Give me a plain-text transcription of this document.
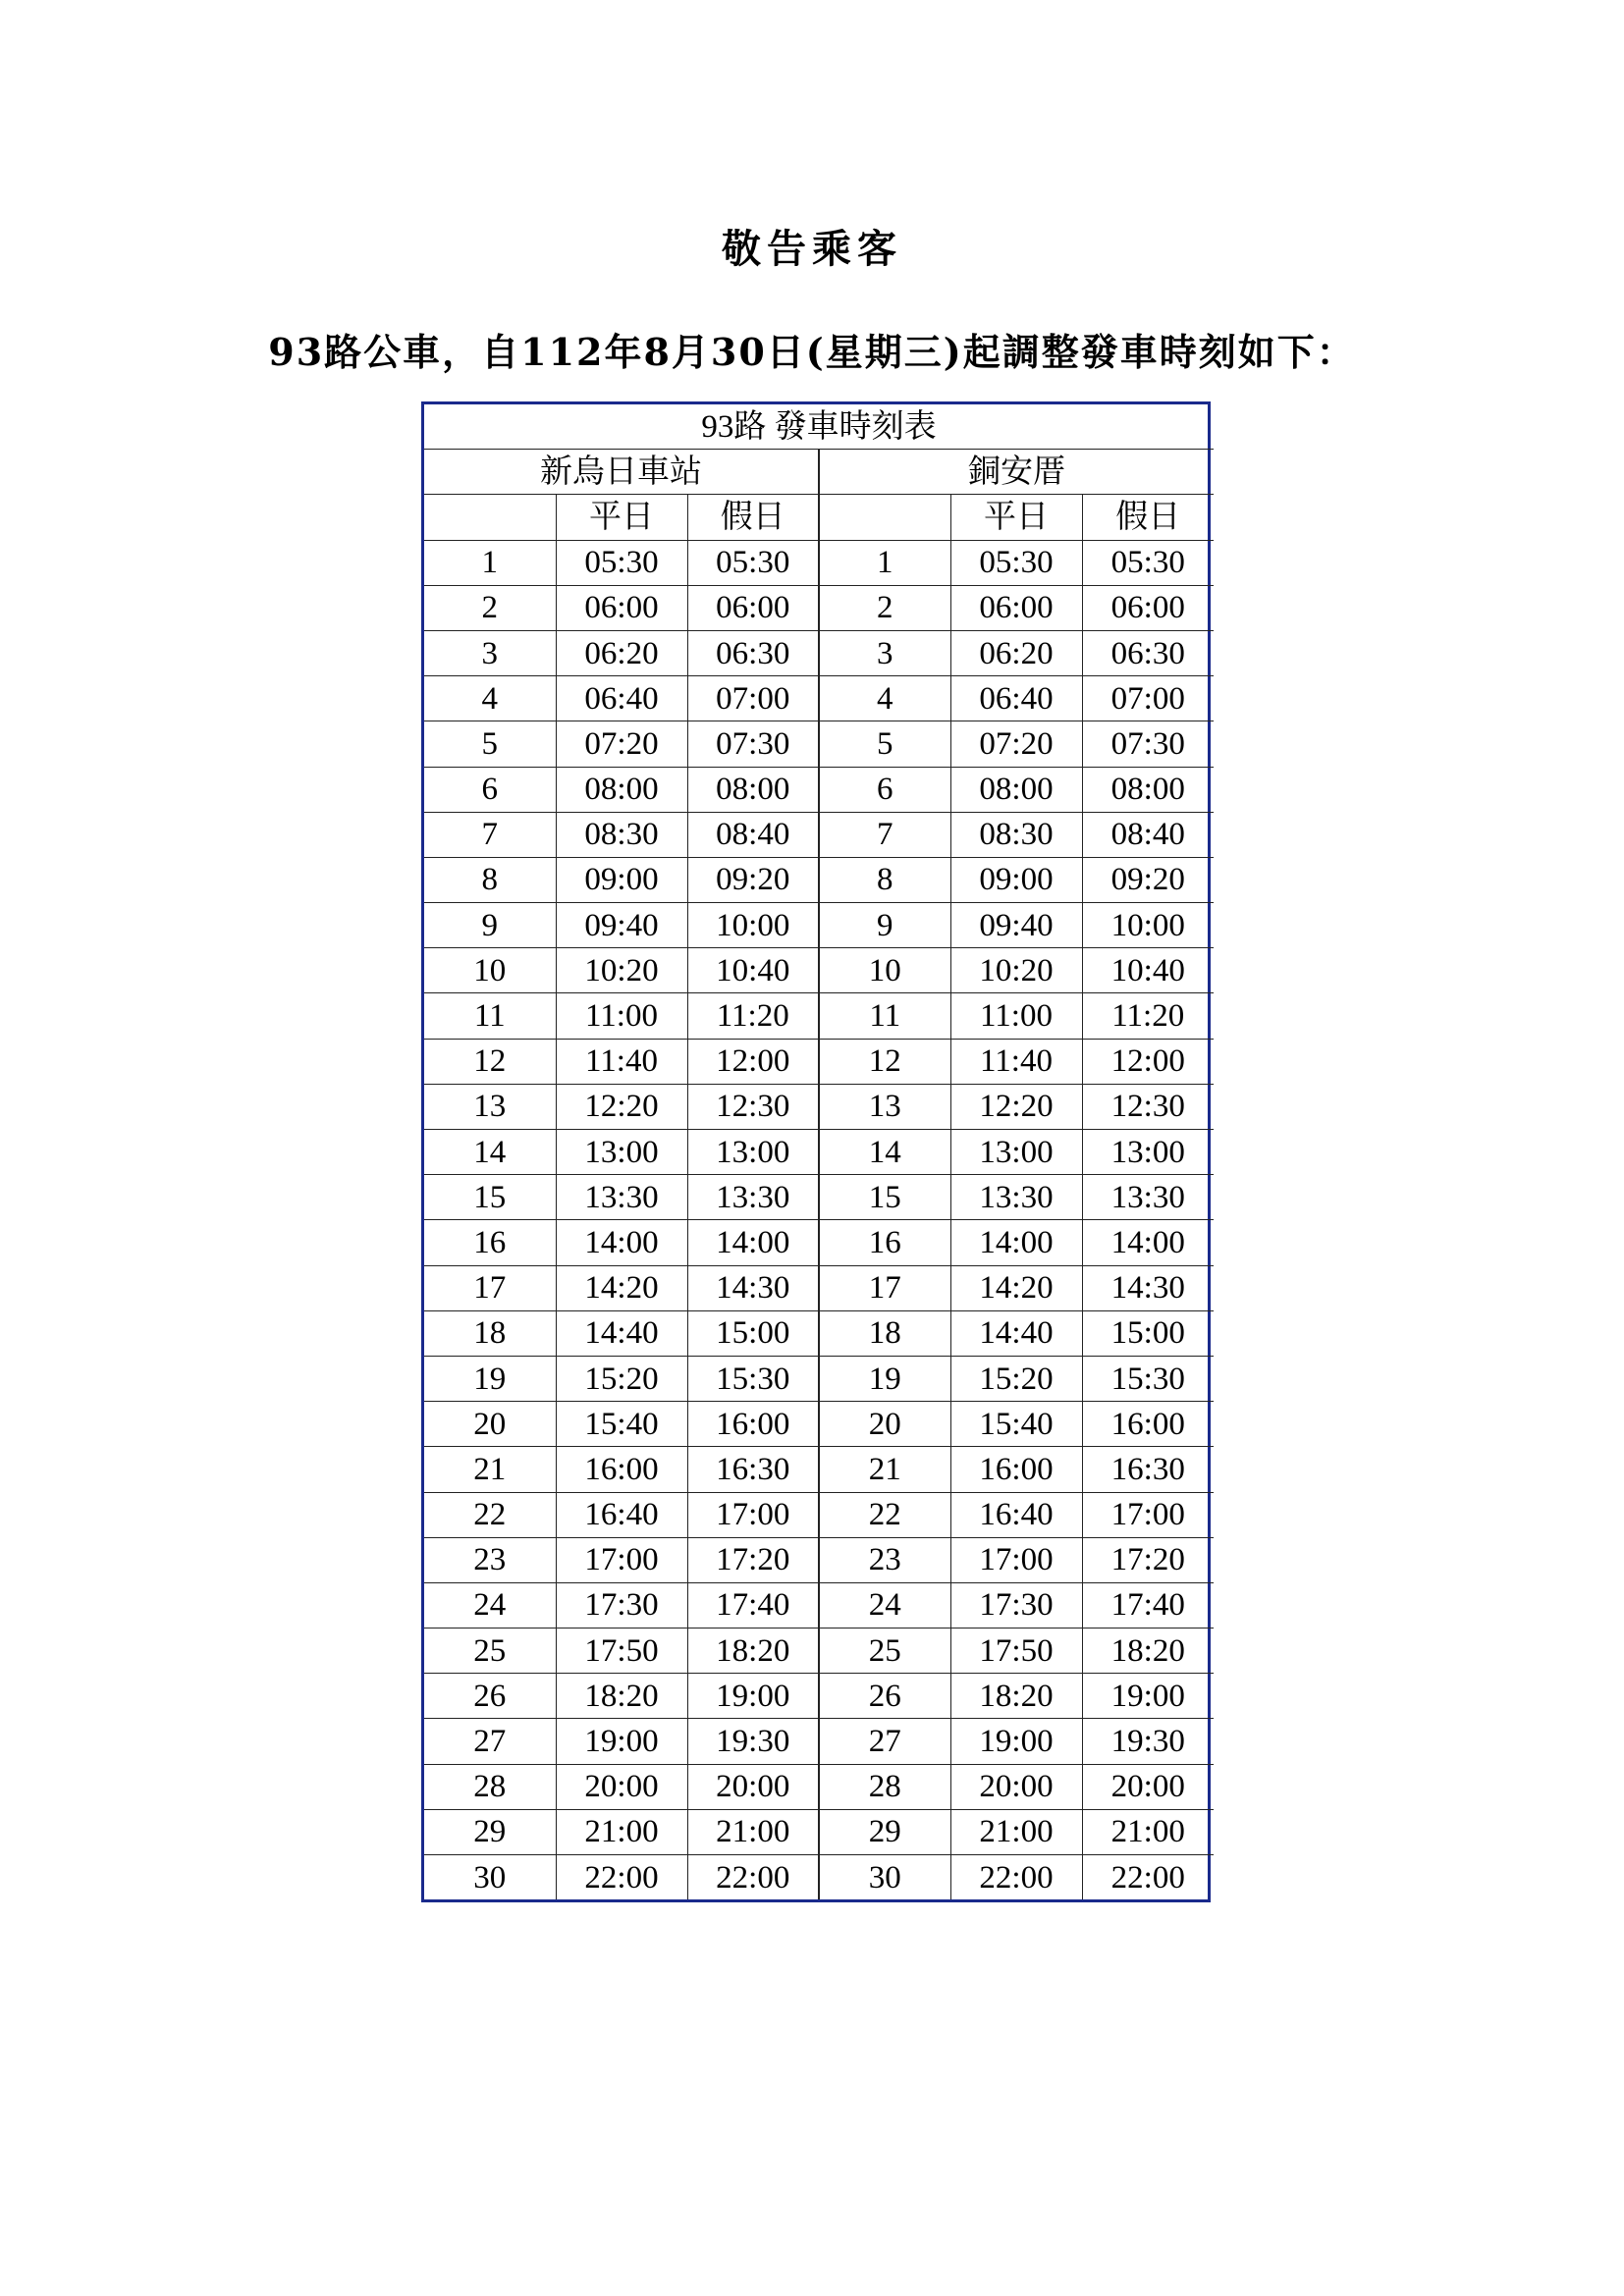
敬告乘客
93路公車，自112年8月30日(星期三)起調整發車時刻如下：
93路 發車時刻表					
新烏日車站			銅安厝		
	平日	假日		平日	假日
1	05:30	05:30	1	05:30	05:30
2	06:00	06:00	2	06:00	06:00
3	06:20	06:30	3	06:20	06:30
4	06:40	07:00	4	06:40	07:00
5	07:20	07:30	5	07:20	07:30
6	08:00	08:00	6	08:00	08:00
7	08:30	08:40	7	08:30	08:40
8	09:00	09:20	8	09:00	09:20
9	09:40	10:00	9	09:40	10:00
10	10:20	10:40	10	10:20	10:40
11	11:00	11:20	11	11:00	11:20
12	11:40	12:00	12	11:40	12:00
13	12:20	12:30	13	12:20	12:30
14	13:00	13:00	14	13:00	13:00
15	13:30	13:30	15	13:30	13:30
16	14:00	14:00	16	14:00	14:00
17	14:20	14:30	17	14:20	14:30
18	14:40	15:00	18	14:40	15:00
19	15:20	15:30	19	15:20	15:30
20	15:40	16:00	20	15:40	16:00
21	16:00	16:30	21	16:00	16:30
22	16:40	17:00	22	16:40	17:00
23	17:00	17:20	23	17:00	17:20
24	17:30	17:40	24	17:30	17:40
25	17:50	18:20	25	17:50	18:20
26	18:20	19:00	26	18:20	19:00
27	19:00	19:30	27	19:00	19:30
28	20:00	20:00	28	20:00	20:00
29	21:00	21:00	29	21:00	21:00
30	22:00	22:00	30	22:00	22:00
